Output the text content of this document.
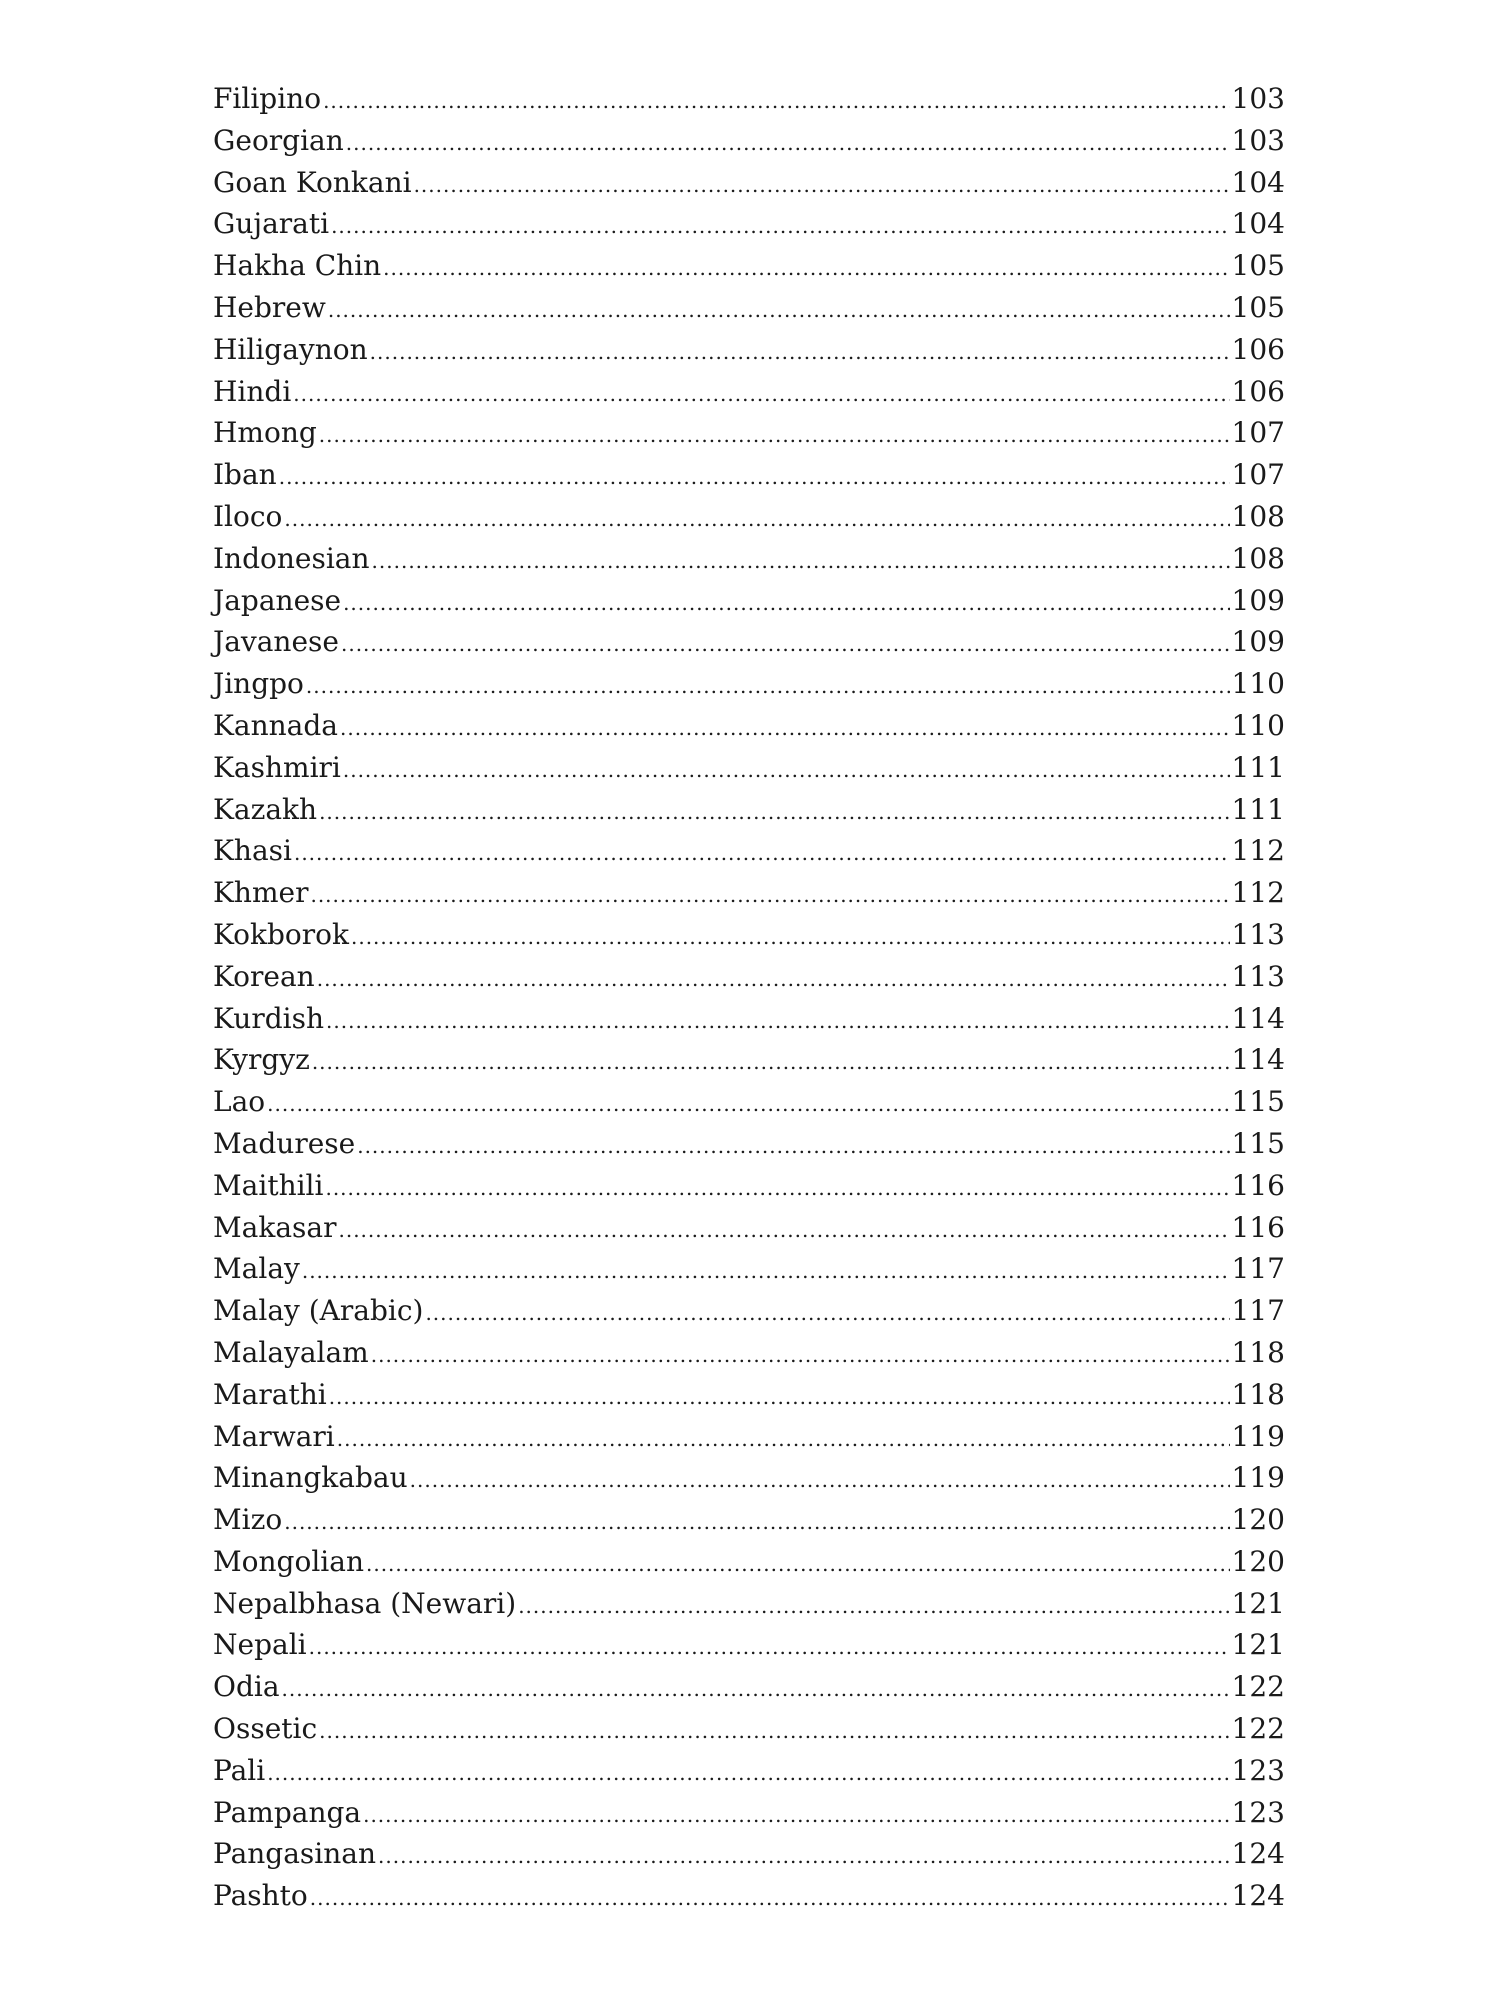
Filipino .....	103
Georgian .....	103
Goan Konkani .....	104
Gujarati .....	104
Hakha Chin .....	105
Hebrew .....	105
Hiligaynon .....	106
Hindi .....	106
Hmong .....	107
Iban .....	107
Iloco .....	108
Indonesian .....	108
Japanese .....	109
Javanese .....	109
Jingpo .....	110
Kannada .....	110
Kashmiri .....	111
Kazakh .....	111
Khasi .....	112
Khmer .....	112
Kokborok .....	113
Korean .....	113
Kurdish .....	114
Kyrgyz .....	114
Lao .....	115
Madurese .....	115
Maithili .....	116
Makasar .....	116
Malay .....	117
Malay (Arabic) .....	117
Malayalam .....	118
Marathi .....	118
Marwari .....	119
Minangkabau .....	119
Mizo .....	120
Mongolian .....	120
Nepalbhasa (Newari) .....	121
Nepali .....	121
Odia .....	122
Ossetic .....	122
Pali .....	123
Pampanga .....	123
Pangasinan .....	124
Pashto .....	124
